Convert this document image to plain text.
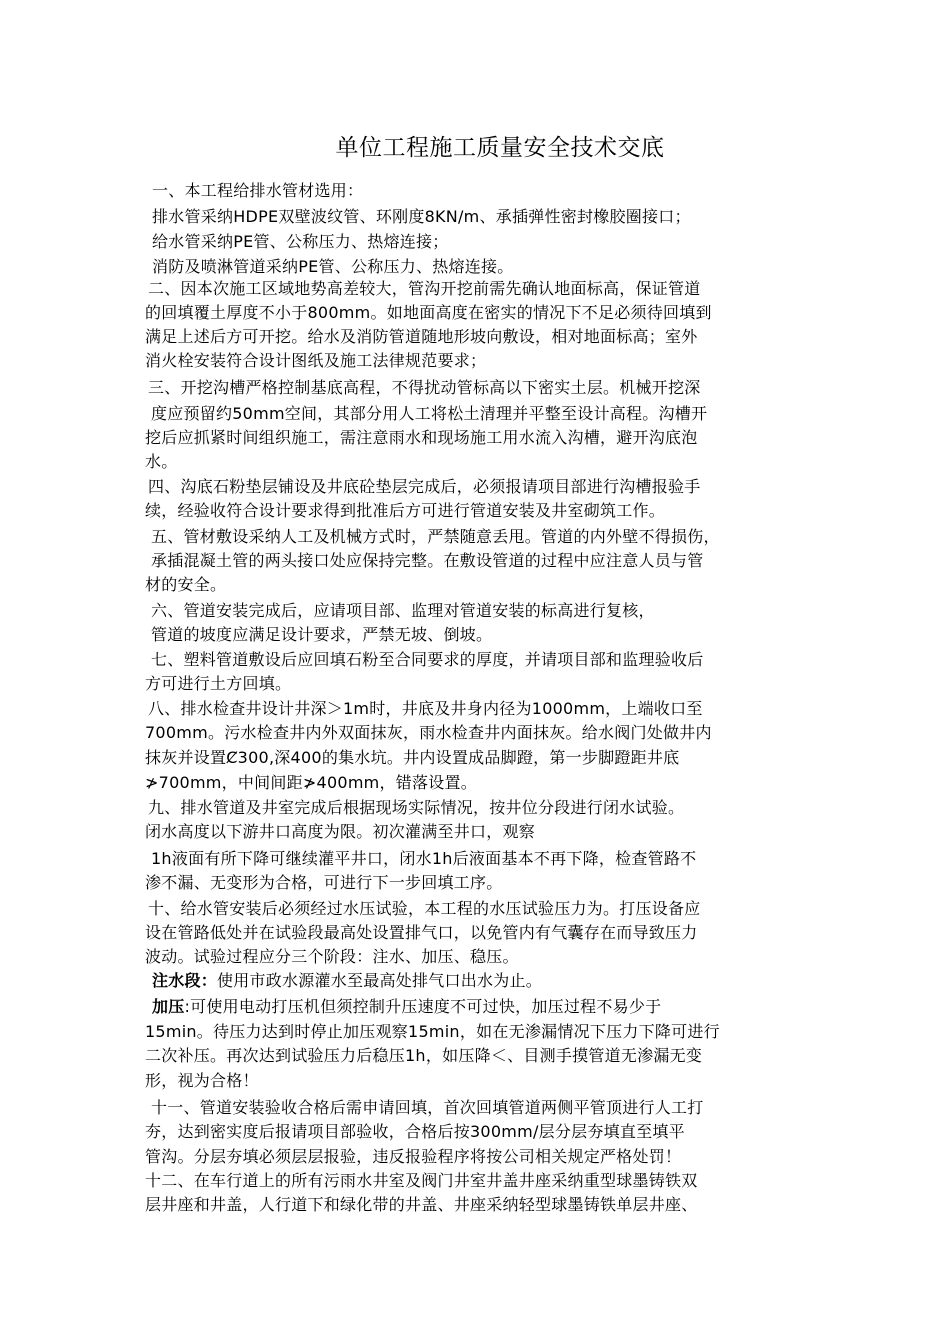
单位工程施工质量安全技术交底
一、本工程给排水管材选用：
排水管采纳HDPE双壁波纹管、环刚度8KN/m、承插弹性密封橡胶圈接口；
给水管采纳PE管、公称压力、热熔连接；
消防及喷淋管道采纳PE管、公称压力、热熔连接。
二、因本次施工区域地势高差较大，管沟开挖前需先确认地面标高，保证管道
的回填覆土厚度不小于800mm。如地面高度在密实的情况下不足必须待回填到
满足上述后方可开挖。给水及消防管道随地形坡向敷设，相对地面标高；室外
消火栓安装符合设计图纸及施工法律规范要求；
三、开挖沟槽严格控制基底高程，不得扰动管标高以下密实土层。机械开挖深
度应预留约50mm空间，其部分用人工将松土清理并平整至设计高程。沟槽开
挖后应抓紧时间组织施工，需注意雨水和现场施工用水流入沟槽，避开沟底泡
水。
四、沟底石粉垫层铺设及井底砼垫层完成后，必须报请项目部进行沟槽报验手
续，经验收符合设计要求得到批准后方可进行管道安装及井室砌筑工作。
五、管材敷设采纳人工及机械方式时，严禁随意丢甩。管道的内外壁不得损伤，
承插混凝土管的两头接口处应保持完整。在敷设管道的过程中应注意人员与管
材的安全。
六、管道安装完成后，应请项目部、监理对管道安装的标高进行复核，
管道的坡度应满足设计要求，严禁无坡、倒坡。
七、塑料管道敷设后应回填石粉至合同要求的厚度，并请项目部和监理验收后
方可进行土方回填。
八、排水检查井设计井深＞1m时，井底及井身内径为1000mm，上端收口至
700mm。污水检查井内外双面抹灰，雨水检查井内面抹灰。给水阀门处做井内
抹灰并设置Ȼ300,深400的集水坑。井内设置成品脚蹬，第一步脚蹬距井底
≯700mm，中间间距≯400mm，错落设置。
九、排水管道及井室完成后根据现场实际情况，按井位分段进行闭水试验。
闭水高度以下游井口高度为限。初次灌满至井口，观察
1h液面有所下降可继续灌平井口，闭水1h后液面基本不再下降，检查管路不
渗不漏、无变形为合格，可进行下一步回填工序。
十、给水管安装后必须经过水压试验，本工程的水压试验压力为。打压设备应
设在管路低处并在试验段最高处设置排气口，以免管内有气囊存在而导致压力
波动。试验过程应分三个阶段：注水、加压、稳压。
注水段：使用市政水源灌水至最高处排气口出水为止。
加压:可使用电动打压机但须控制升压速度不可过快，加压过程不易少于
15min。待压力达到时停止加压观察15min，如在无渗漏情况下压力下降可进行
二次补压。再次达到试验压力后稳压1h，如压降＜、目测手摸管道无渗漏无变
形，视为合格！
十一、管道安装验收合格后需申请回填，首次回填管道两侧平管顶进行人工打
夯，达到密实度后报请项目部验收，合格后按300mm/层分层夯填直至填平
管沟。分层夯填必须层层报验，违反报验程序将按公司相关规定严格处罚！
十二、在车行道上的所有污雨水井室及阀门井室井盖井座采纳重型球墨铸铁双
层井座和井盖，人行道下和绿化带的井盖、井座采纳轻型球墨铸铁单层井座、
